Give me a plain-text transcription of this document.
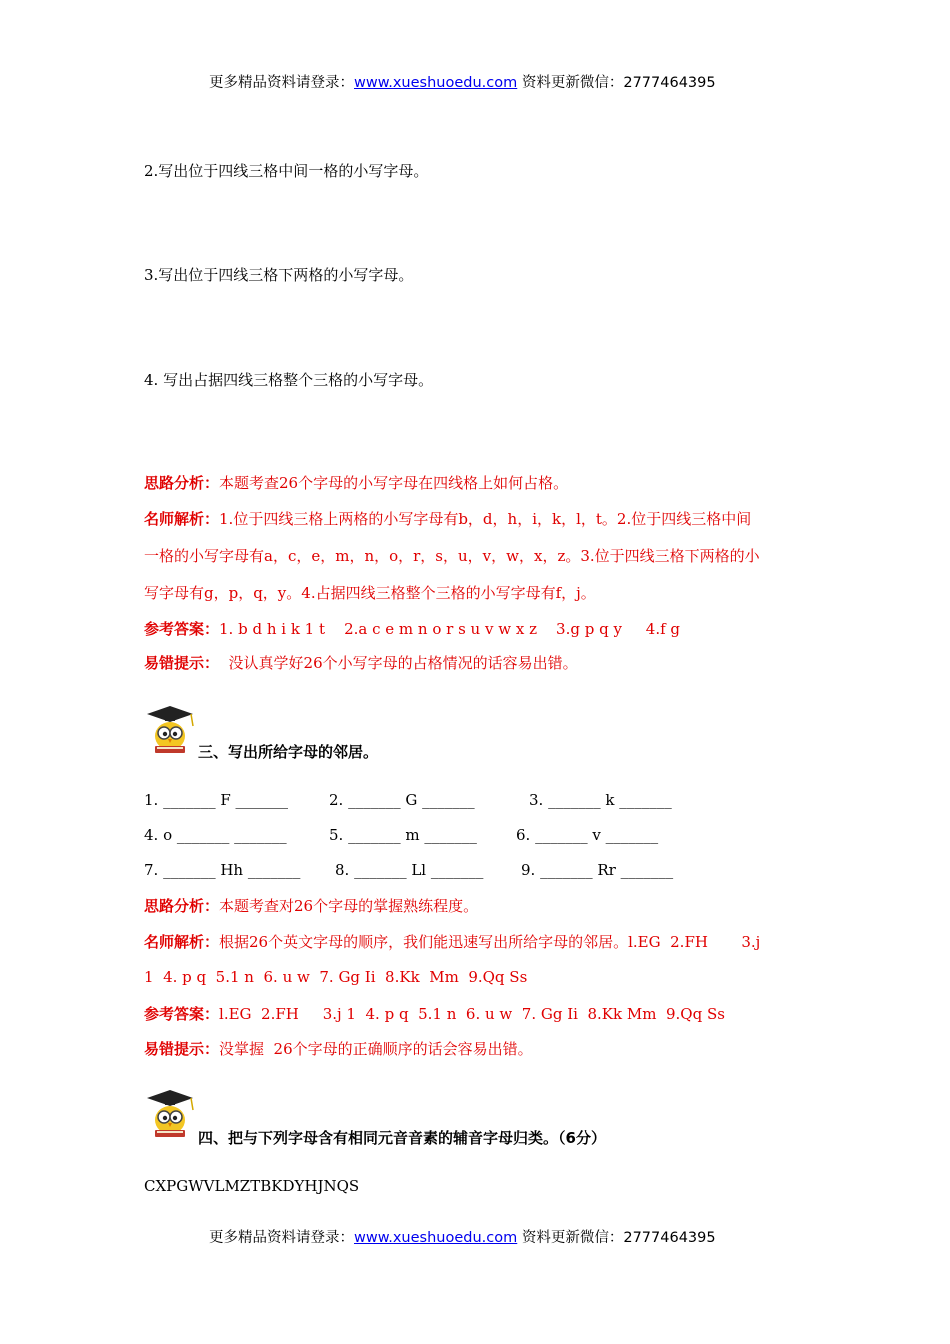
更多精品资料请登录：www.xueshuoedu.com 资料更新微信：2777464395
2.写出位于四线三格中间一格的小写字母。
3.写出位于四线三格下两格的小写字母。
4. 写出占据四线三格整个三格的小写字母。
思路分析：本题考查26个字母的小写字母在四线格上如何占格。
名师解析：1.位于四线三格上两格的小写字母有b，d，h，i，k，l，t。2.位于四线三格中间
一格的小写字母有a，c，e，m，n，o，r，s，u，v，w，x，z。3.位于四线三格下两格的小
写字母有g，p，q，y。4.占据四线三格整个三格的小写字母有f，j。
参考答案：1. b d h i k 1 t    2.a c e m n o r s u v w x z    3.g p q y     4.f g
易错提示：  没认真学好26个小写字母的占格情况的话容易出错。
三、写出所给字母的邻居。
1. _______ F _______	2. _______ G _______	3. _______ k _______
4. o _______ _______	5. _______ m _______	6. _______ v _______
7. _______ Hh _______ 8. _______ Ll _______	9. _______ Rr _______
思路分析：本题考查对26个字母的掌握熟练程度。
名师解析：根据26个英文字母的顺序，我们能迅速写出所给字母的邻居。l.EG  2.FH       3.j
1  4. p q  5.1 n  6. u w  7. Gg Ii  8.Kk  Mm  9.Qq Ss
参考答案：l.EG  2.FH     3.j 1  4. p q  5.1 n  6. u w  7. Gg Ii  8.Kk Mm  9.Qq Ss
易错提示：没掌握  26个字母的正确顺序的话会容易出错。
四、把与下列字母含有相同元音音素的辅音字母归类。（6分）
CXPGWVLMZTBKDYHJNQS
更多精品资料请登录：www.xueshuoedu.com 资料更新微信：2777464395
